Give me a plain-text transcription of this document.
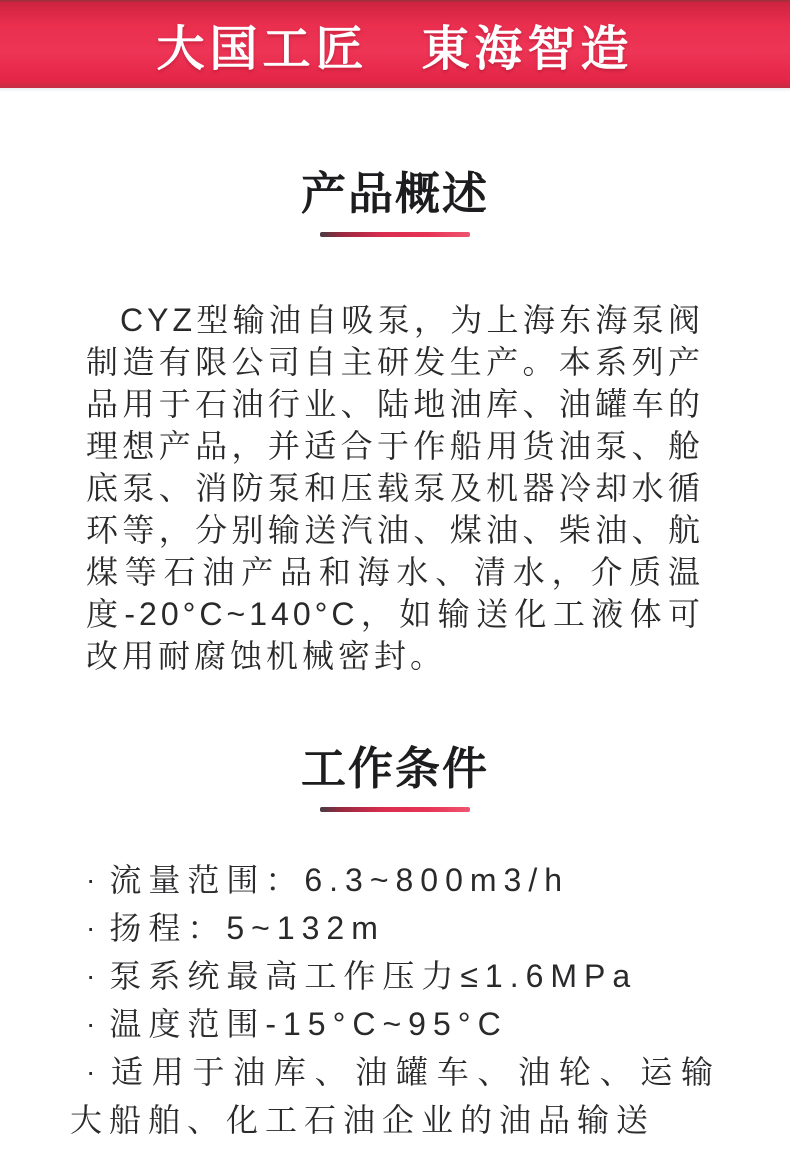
大国工匠　東海智造
产品概述

CYZ型输油自吸泵，为上海东海泵阀制造有限公司自主研发生产。本系列产品用于石油行业、陆地油库、油罐车的理想产品，并适合于作船用货油泵、舱底泵、消防泵和压载泵及机器冷却水循环等，分别输送汽油、煤油、柴油、航煤等石油产品和海水、清水，介质温度-20°C~140°C，如输送化工液体可改用耐腐蚀机械密封。

工作条件
· 流量范围：6.3~800m3/h
· 扬程：5~132m
· 泵系统最高工作压力≤1.6MPa
· 温度范围-15°C~95°C
· 适用于油库、油罐车、油轮、运输大船舶、化工石油企业的油品输送
